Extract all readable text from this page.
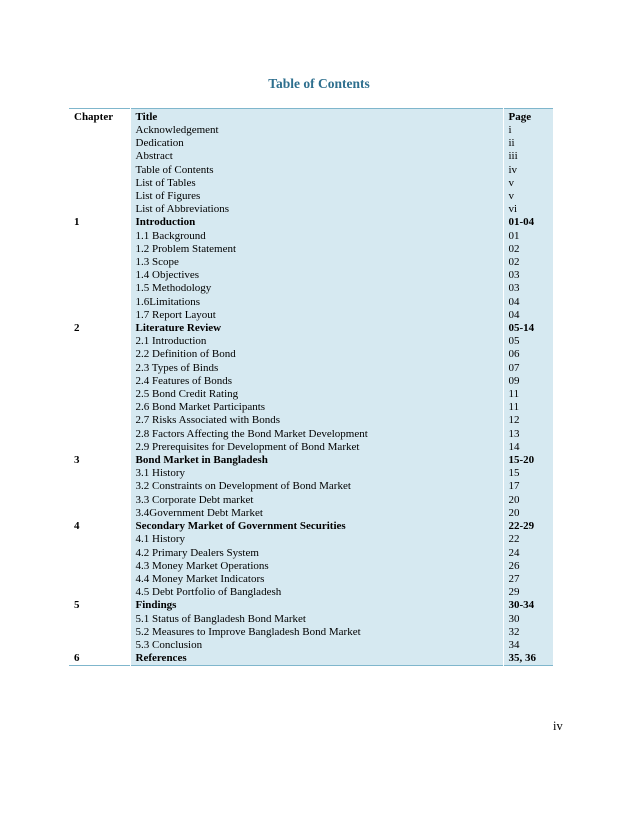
Table of Contents
Chapter	Title	Page
	Acknowledgement	i
	Dedication	ii
	Abstract	iii
	Table of Contents	iv
	List of Tables	v
	List of Figures	v
	List of Abbreviations	vi
1	Introduction	01-04
	1.1 Background	01
	1.2 Problem Statement	02
	1.3 Scope	02
	1.4 Objectives	03
	1.5 Methodology	03
	1.6Limitations	04
	1.7 Report Layout	04
2	Literature Review	05-14
	2.1 Introduction	05
	2.2 Definition of Bond	06
	2.3 Types of Binds	07
	2.4 Features of Bonds	09
	2.5 Bond Credit Rating	11
	2.6 Bond Market Participants	11
	2.7 Risks Associated with Bonds	12
	2.8 Factors Affecting the Bond Market Development	13
	2.9 Prerequisites for Development of Bond Market	14
3	Bond Market in Bangladesh	15-20
	3.1 History	15
	3.2 Constraints on Development of Bond Market	17
	3.3 Corporate Debt market	20
	3.4Government Debt Market	20
4	Secondary Market of Government Securities	22-29
	4.1 History	22
	4.2 Primary Dealers System	24
	4.3 Money Market Operations	26
	4.4 Money Market Indicators	27
	4.5 Debt Portfolio of Bangladesh	29
5	Findings	30-34
	5.1 Status of Bangladesh Bond Market	30
	5.2 Measures to Improve Bangladesh Bond Market	32
	5.3 Conclusion	34
6	References	35, 36
iv
